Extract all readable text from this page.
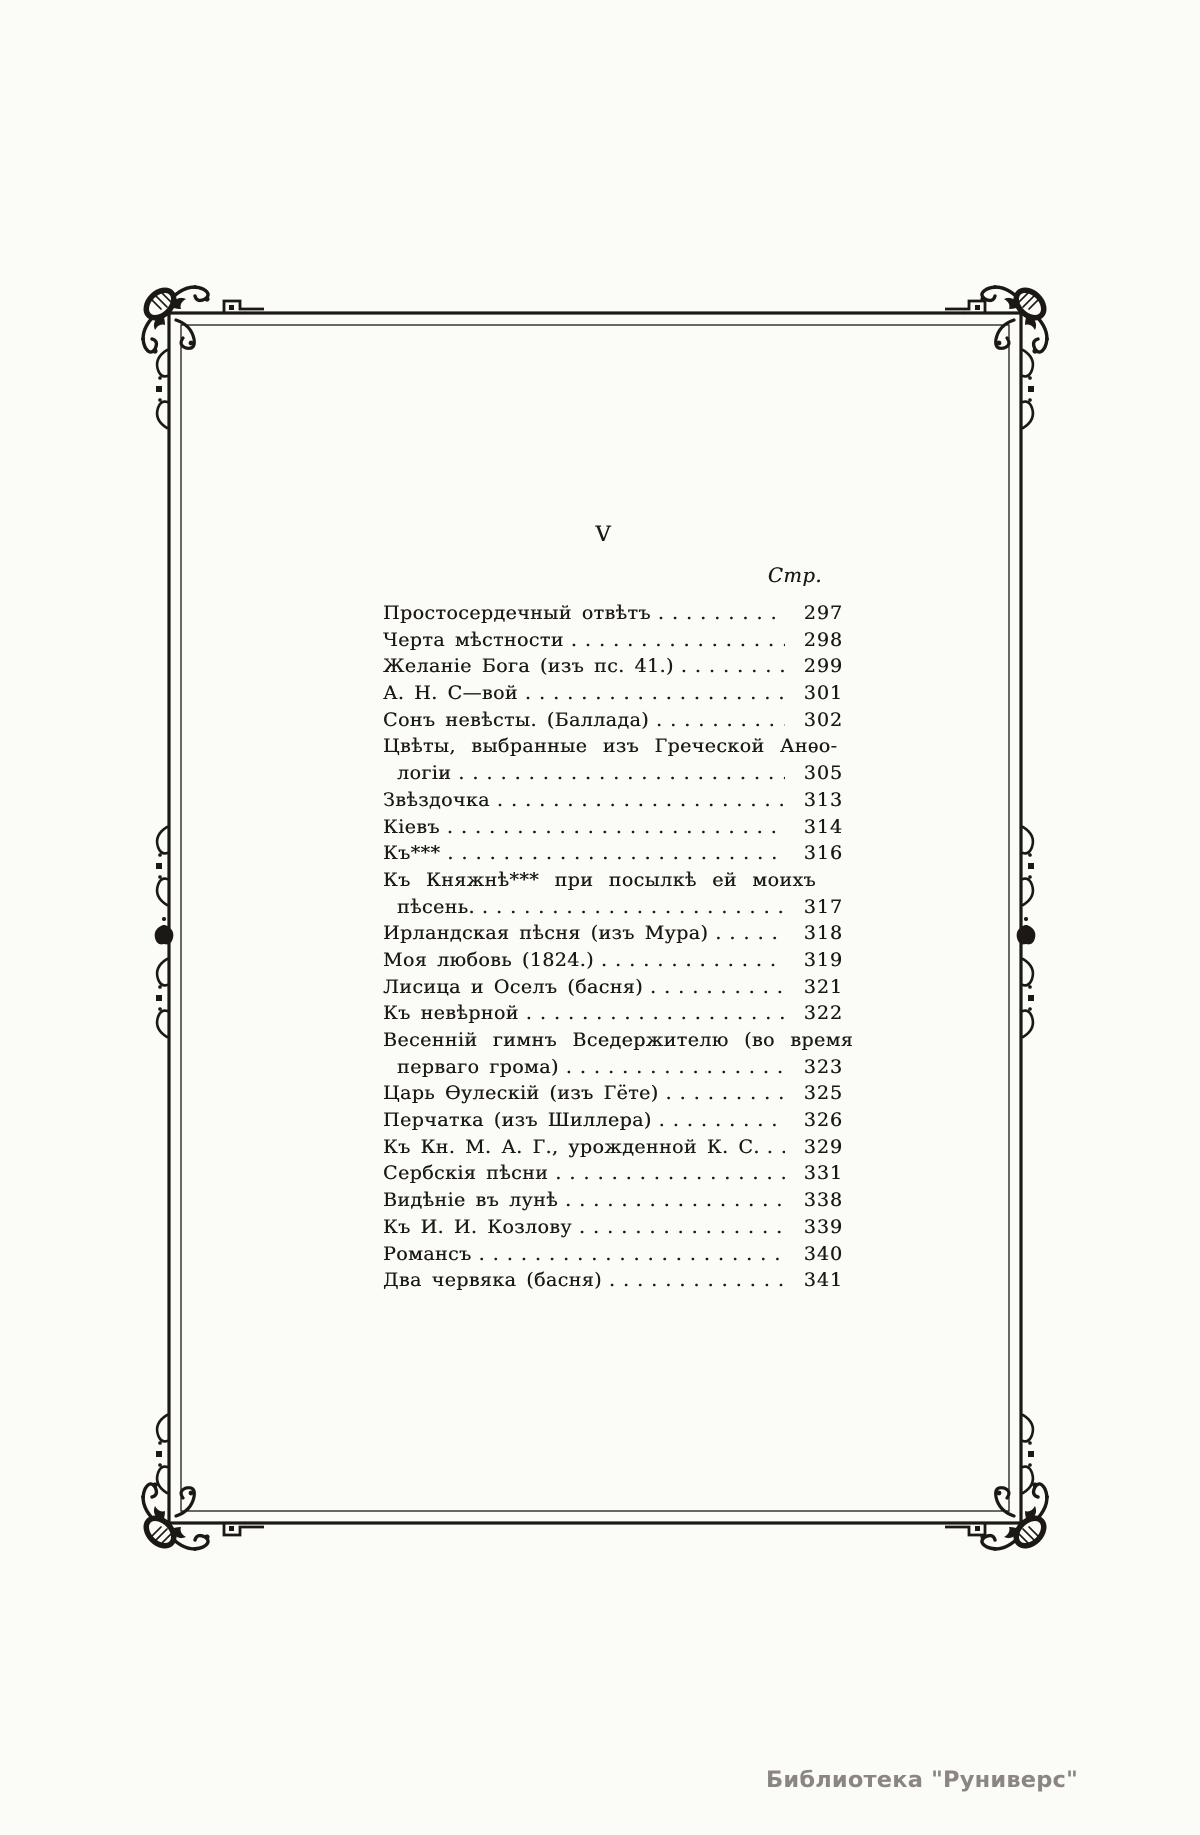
V
Стр.
Простосердечный отвѣтъ . . .	297
Черта мѣстности . . .	298
Желаніе Бога (изъ пс. 41.) . . .	299
А. Н. С—вой . . .	301
Сонъ невѣсты. (Баллада) . . .	302
Цвѣты, выбранные изъ Греческой Анѳо-
логіи . . .	305
Звѣздочка . . .	313
Кіевъ . . .	314
Къ*** . . .	316
Къ Княжнѣ*** при посылкѣ ей моихъ
пѣсень. . . .	317
Ирландская пѣсня (изъ Мура) . . .	318
Моя любовь (1824.) . . .	319
Лисица и Оселъ (басня) . . .	321
Къ невѣрной . . .	322
Весенній гимнъ Вседержителю (во время
перваго грома) . . .	323
Царь Ѳулескій (изъ Гёте) . . .	325
Перчатка (изъ Шиллера) . . .	326
Къ Кн. М. А. Г., урожденной К. С. . . .	329
Сербскія пѣсни . . .	331
Видѣніе въ лунѣ . . .	338
Къ И. И. Козлову . . .	339
Романсъ . . .	340
Два червяка (басня) . . .	341
Библиотека "Руниверс"
